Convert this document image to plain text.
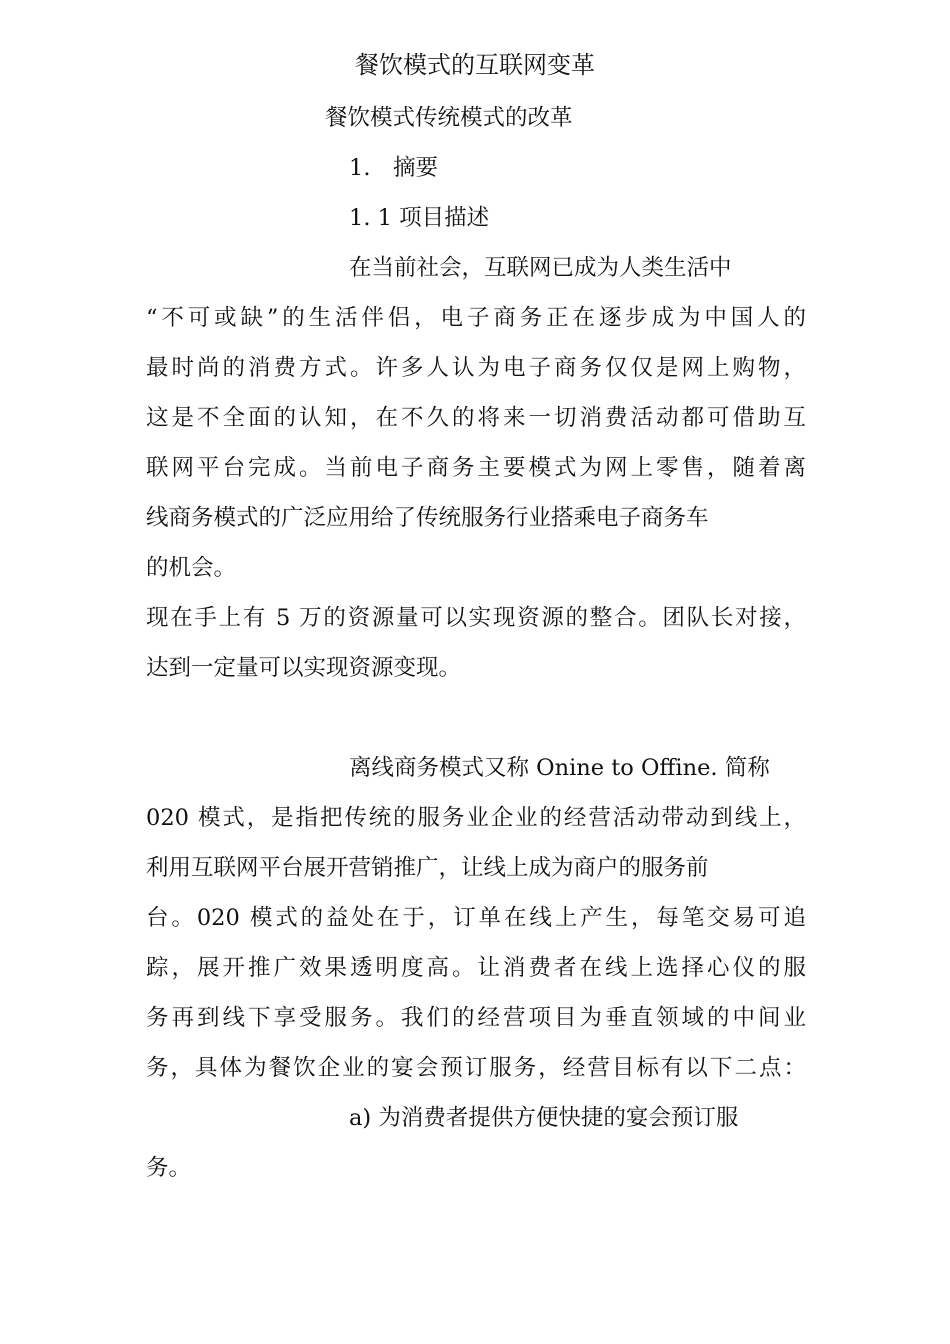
餐饮模式的互联网变革

餐饮模式传统模式的改革

1.　摘要

1. 1 项目描述

在当前社会，互联网已成为人类生活中

“不可或缺”的生活伴侣，电子商务正在逐步成为中国人的

最时尚的消费方式。许多人认为电子商务仅仅是网上购物，

这是不全面的认知，在不久的将来一切消费活动都可借助互

联网平台完成。当前电子商务主要模式为网上零售，随着离

线商务模式的广泛应用给了传统服务行业搭乘电子商务车

的机会。

现在手上有 5 万的资源量可以实现资源的整合。团队长对接，

达到一定量可以实现资源变现。

离线商务模式又称 Onine to Offine. 简称

020 模式，是指把传统的服务业企业的经营活动带动到线上，

利用互联网平台展开营销推广，让线上成为商户的服务前

台。020 模式的益处在于，订单在线上产生，每笔交易可追

踪，展开推广效果透明度高。让消费者在线上选择心仪的服

务再到线下享受服务。我们的经营项目为垂直领域的中间业

务，具体为餐饮企业的宴会预订服务，经营目标有以下二点：

a) 为消费者提供方便快捷的宴会预订服

务。
